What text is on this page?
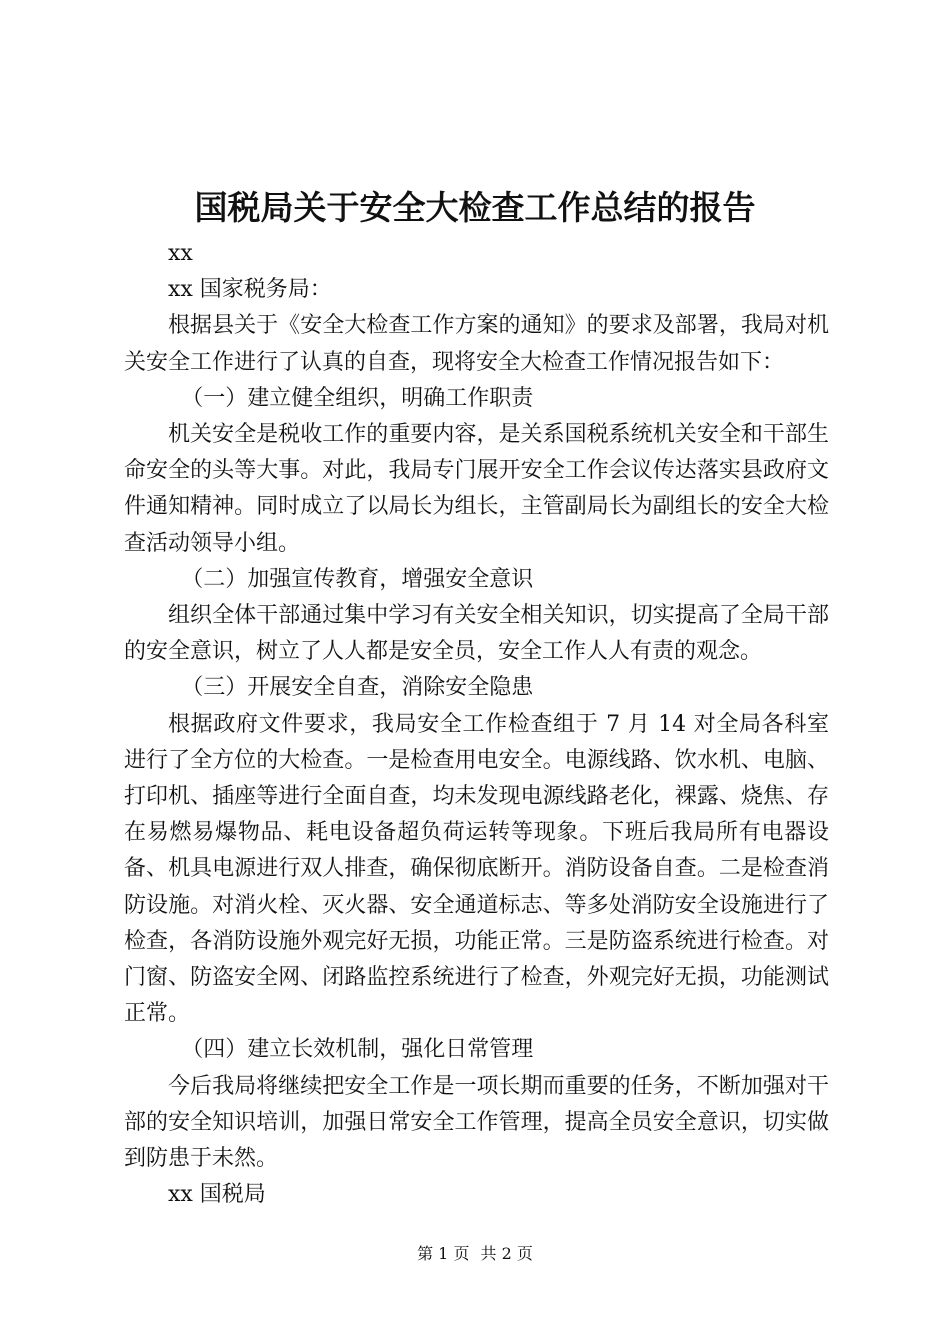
国税局关于安全大检查工作总结的报告

xx

xx 国家税务局：

根据县关于《安全大检查工作方案的通知》的要求及部署，我局对机关安全工作进行了认真的自查，现将安全大检查工作情况报告如下：

（一）建立健全组织，明确工作职责

机关安全是税收工作的重要内容，是关系国税系统机关安全和干部生命安全的头等大事。对此，我局专门展开安全工作会议传达落实县政府文件通知精神。同时成立了以局长为组长，主管副局长为副组长的安全大检查活动领导小组。

（二）加强宣传教育，增强安全意识

组织全体干部通过集中学习有关安全相关知识，切实提高了全局干部的安全意识，树立了人人都是安全员，安全工作人人有责的观念。

（三）开展安全自查，消除安全隐患

根据政府文件要求，我局安全工作检查组于 7 月 14 对全局各科室进行了全方位的大检查。一是检查用电安全。电源线路、饮水机、电脑、打印机、插座等进行全面自查，均未发现电源线路老化，裸露、烧焦、存在易燃易爆物品、耗电设备超负荷运转等现象。下班后我局所有电器设备、机具电源进行双人排查，确保彻底断开。消防设备自查。二是检查消防设施。对消火栓、灭火器、安全通道标志、等多处消防安全设施进行了检查，各消防设施外观完好无损，功能正常。三是防盗系统进行检查。对门窗、防盗安全网、闭路监控系统进行了检查，外观完好无损，功能测试正常。

（四）建立长效机制，强化日常管理

今后我局将继续把安全工作是一项长期而重要的任务，不断加强对干部的安全知识培训，加强日常安全工作管理，提高全员安全意识，切实做到防患于未然。

xx 国税局

第 1 页 共 2 页
